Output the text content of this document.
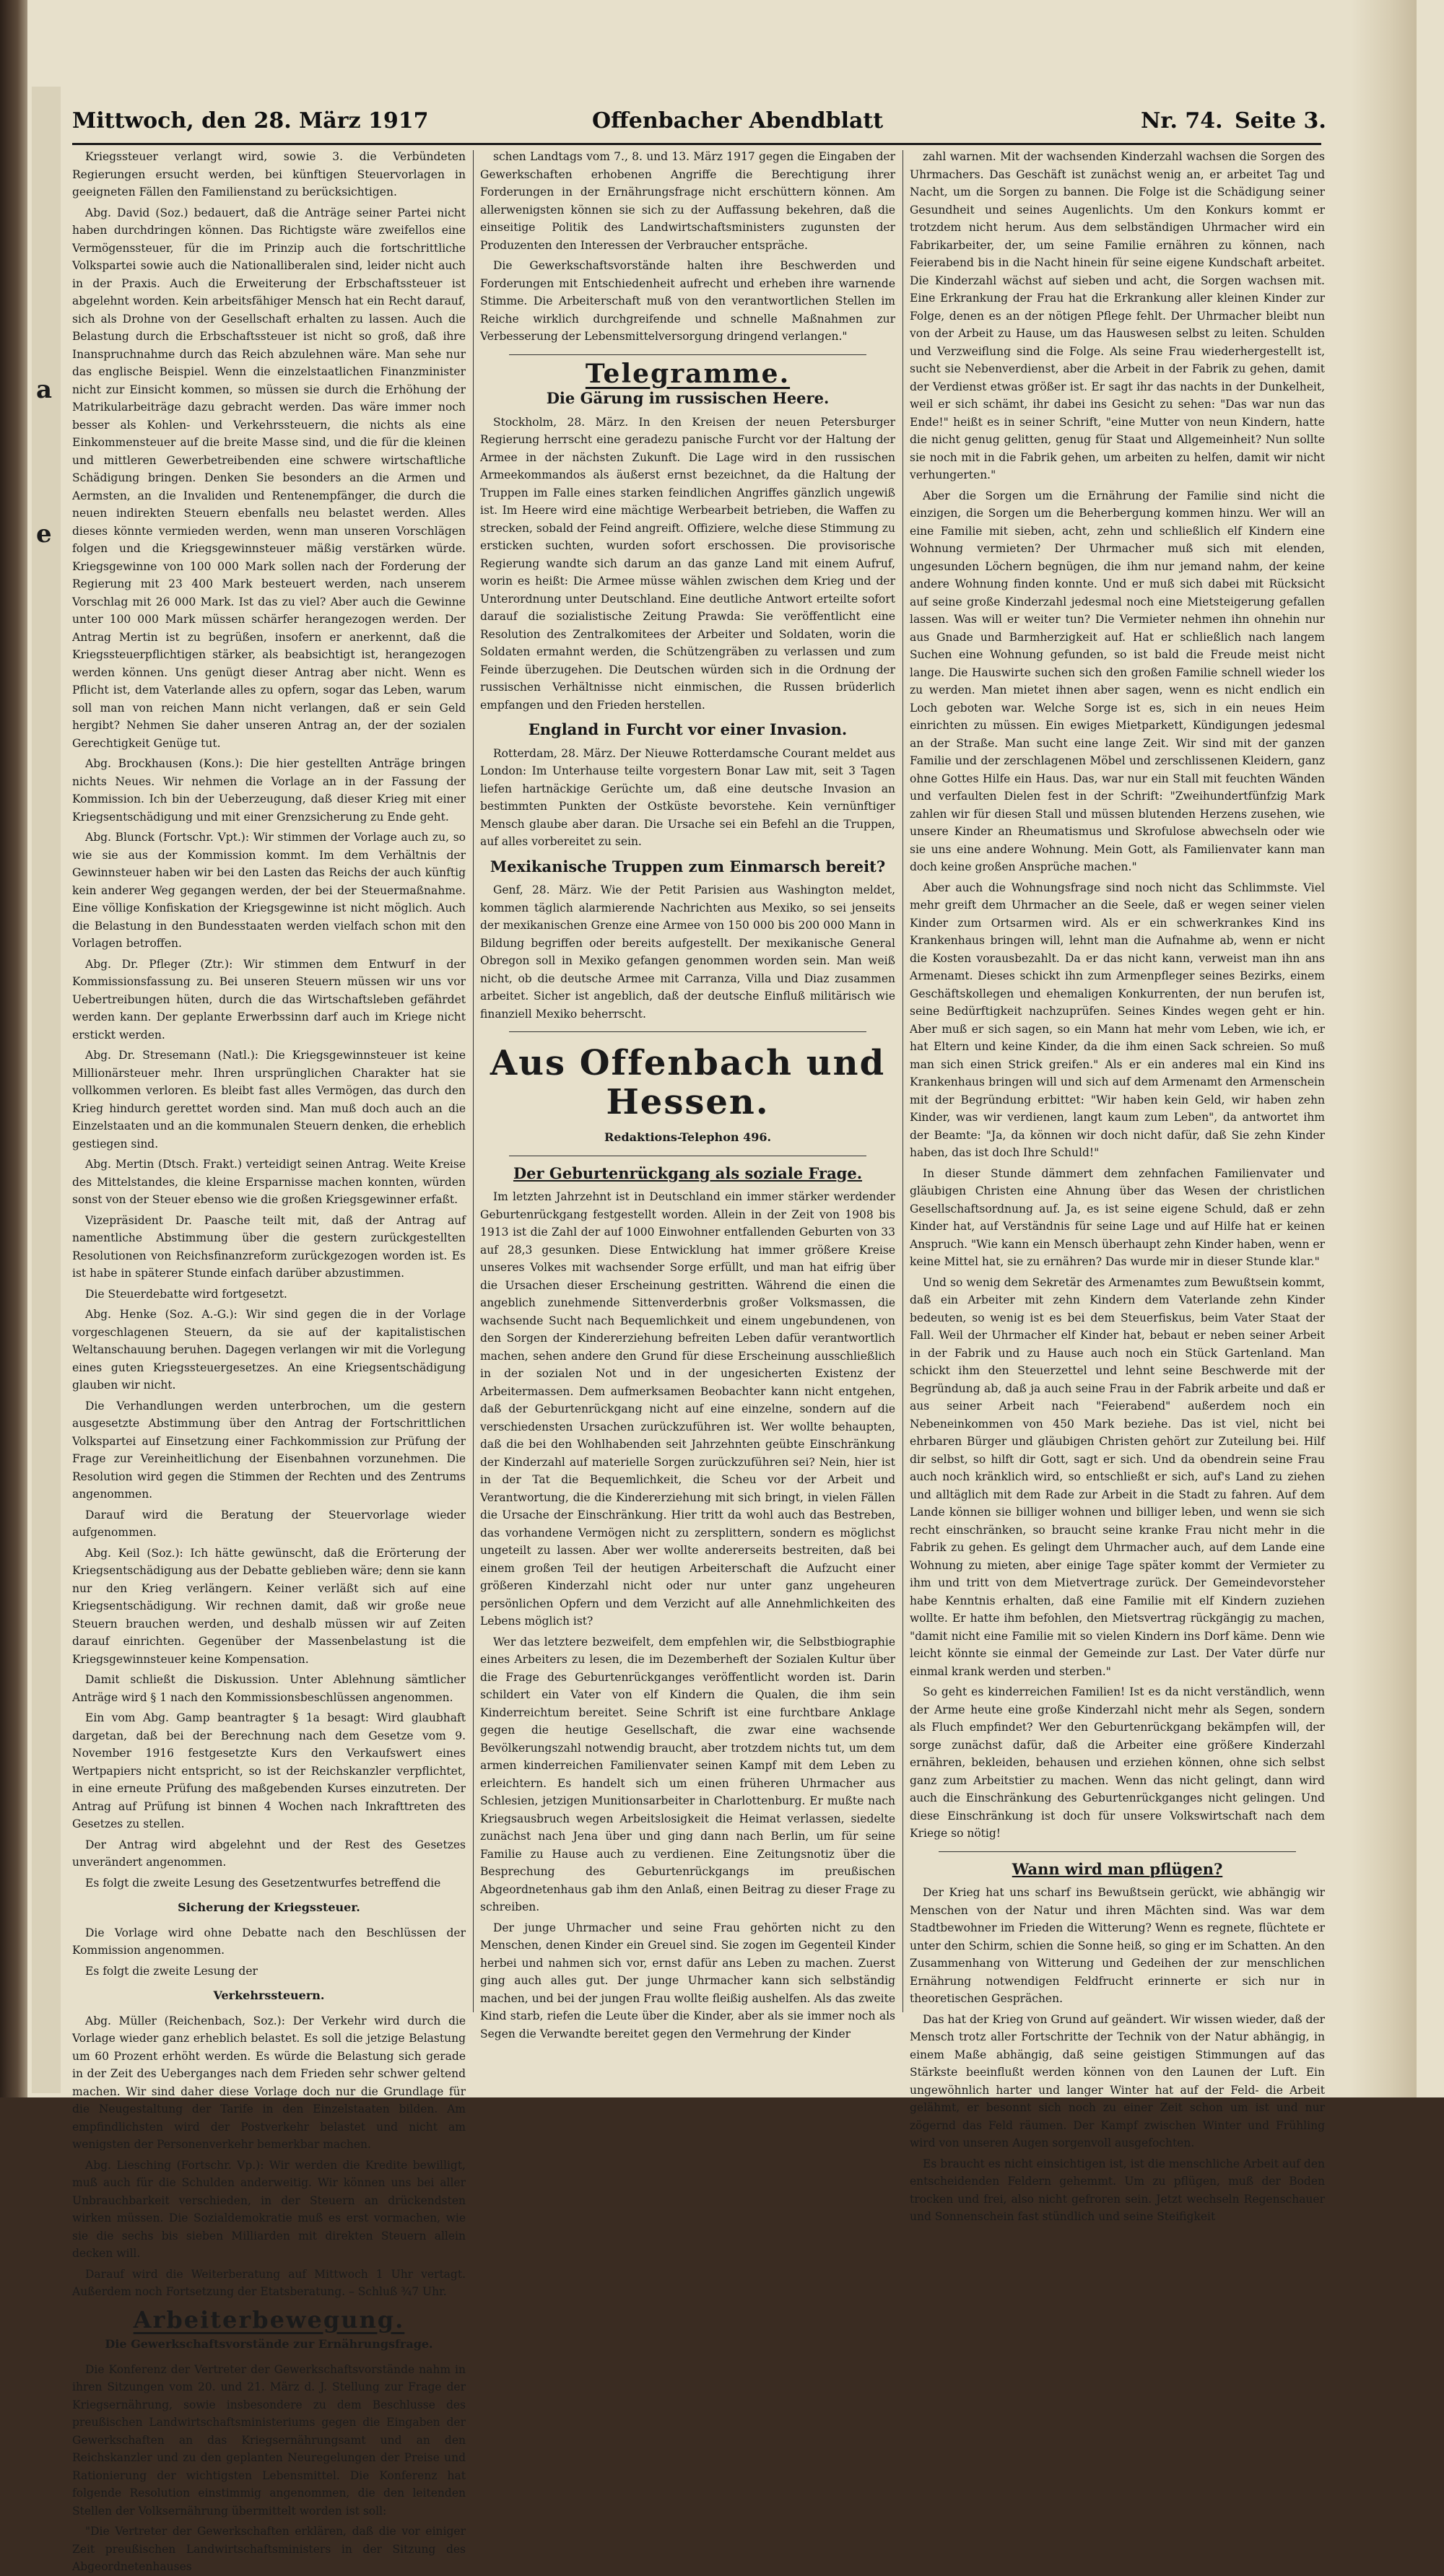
a
e
Mittwoch, den 28. März 1917	Offenbacher Abendblatt	Nr. 74. Seite 3.

Kriegssteuer verlangt wird, sowie 3. die Verbündeten Regierungen ersucht werden, bei künftigen Steuervorlagen in geeigneten Fällen den Familienstand zu berücksichtigen.

Abg. David (Soz.) bedauert, daß die Anträge seiner Partei nicht haben durchdringen können. Das Richtigste wäre zweifellos eine Vermögenssteuer, für die im Prinzip auch die fortschrittliche Volkspartei sowie auch die Nationalliberalen sind, leider nicht auch in der Praxis. Auch die Erweiterung der Erbschaftssteuer ist abgelehnt worden. Kein arbeitsfähiger Mensch hat ein Recht darauf, sich als Drohne von der Gesellschaft erhalten zu lassen. Auch die Belastung durch die Erbschaftssteuer ist nicht so groß, daß ihre Inanspruchnahme durch das Reich abzulehnen wäre. Man sehe nur das englische Beispiel. Wenn die einzelstaatlichen Finanzminister nicht zur Einsicht kommen, so müssen sie durch die Erhöhung der Matrikularbeiträge dazu gebracht werden. Das wäre immer noch besser als Kohlen- und Verkehrssteuern, die nichts als eine Einkommensteuer auf die breite Masse sind, und die für die kleinen und mittleren Gewerbetreibenden eine schwere wirtschaftliche Schädigung bringen. Denken Sie besonders an die Armen und Aermsten, an die Invaliden und Rentenempfänger, die durch die neuen indirekten Steuern ebenfalls neu belastet werden. Alles dieses könnte vermieden werden, wenn man unseren Vorschlägen folgen und die Kriegsgewinnsteuer mäßig verstärken würde. Kriegsgewinne von 100 000 Mark sollen nach der Forderung der Regierung mit 23 400 Mark besteuert werden, nach unserem Vorschlag mit 26 000 Mark. Ist das zu viel? Aber auch die Gewinne unter 100 000 Mark müssen schärfer herangezogen werden. Der Antrag Mertin ist zu begrüßen, insofern er anerkennt, daß die Kriegssteuerpflichtigen stärker, als beabsichtigt ist, herangezogen werden können. Uns genügt dieser Antrag aber nicht. Wenn es Pflicht ist, dem Vaterlande alles zu opfern, sogar das Leben, warum soll man von reichen Mann nicht verlangen, daß er sein Geld hergibt? Nehmen Sie daher unseren Antrag an, der der sozialen Gerechtigkeit Genüge tut.

Abg. Brockhausen (Kons.): Die hier gestellten Anträge bringen nichts Neues. Wir nehmen die Vorlage an in der Fassung der Kommission. Ich bin der Ueberzeugung, daß dieser Krieg mit einer Kriegsentschädigung und mit einer Grenzsicherung zu Ende geht.

Abg. Blunck (Fortschr. Vpt.): Wir stimmen der Vorlage auch zu, so wie sie aus der Kommission kommt. Im dem Verhältnis der Gewinnsteuer haben wir bei den Lasten das Reichs der auch künftig kein anderer Weg gegangen werden, der bei der Steuermaßnahme. Eine völlige Konfiskation der Kriegsgewinne ist nicht möglich. Auch die Belastung in den Bundesstaaten werden vielfach schon mit den Vorlagen betroffen.

Abg. Dr. Pfleger (Ztr.): Wir stimmen dem Entwurf in der Kommissionsfassung zu. Bei unseren Steuern müssen wir uns vor Uebertreibungen hüten, durch die das Wirtschaftsleben gefährdet werden kann. Der geplante Erwerbssinn darf auch im Kriege nicht erstickt werden.

Abg. Dr. Stresemann (Natl.): Die Kriegsgewinnsteuer ist keine Millionärsteuer mehr. Ihren ursprünglichen Charakter hat sie vollkommen verloren. Es bleibt fast alles Vermögen, das durch den Krieg hindurch gerettet worden sind. Man muß doch auch an die Einzelstaaten und an die kommunalen Steuern denken, die erheblich gestiegen sind.

Abg. Mertin (Dtsch. Frakt.) verteidigt seinen Antrag. Weite Kreise des Mittelstandes, die kleine Ersparnisse machen konnten, würden sonst von der Steuer ebenso wie die großen Kriegsgewinner erfaßt.

Vizepräsident Dr. Paasche teilt mit, daß der Antrag auf namentliche Abstimmung über die gestern zurückgestellten Resolutionen von Reichsfinanzreform zurückgezogen worden ist. Es ist habe in späterer Stunde einfach darüber abzustimmen.

Die Steuerdebatte wird fortgesetzt.

Abg. Henke (Soz. A.-G.): Wir sind gegen die in der Vorlage vorgeschlagenen Steuern, da sie auf der kapitalistischen Weltanschauung beruhen. Dagegen verlangen wir mit die Vorlegung eines guten Kriegssteuergesetzes. An eine Kriegsentschädigung glauben wir nicht.

Die Verhandlungen werden unterbrochen, um die gestern ausgesetzte Abstimmung über den Antrag der Fortschrittlichen Volkspartei auf Einsetzung einer Fachkommission zur Prüfung der Frage zur Vereinheitlichung der Eisenbahnen vorzunehmen. Die Resolution wird gegen die Stimmen der Rechten und des Zentrums angenommen.

Darauf wird die Beratung der Steuervorlage wieder aufgenommen.

Abg. Keil (Soz.): Ich hätte gewünscht, daß die Erörterung der Kriegsentschädigung aus der Debatte geblieben wäre; denn sie kann nur den Krieg verlängern. Keiner verläßt sich auf eine Kriegsentschädigung. Wir rechnen damit, daß wir große neue Steuern brauchen werden, und deshalb müssen wir auf Zeiten darauf einrichten. Gegenüber der Massenbelastung ist die Kriegsgewinnsteuer keine Kompensation.

Damit schließt die Diskussion. Unter Ablehnung sämtlicher Anträge wird § 1 nach den Kommissionsbeschlüssen angenommen.

Ein vom Abg. Gamp beantragter § 1a besagt: Wird glaubhaft dargetan, daß bei der Berechnung nach dem Gesetze vom 9. November 1916 festgesetzte Kurs den Verkaufswert eines Wertpapiers nicht entspricht, so ist der Reichskanzler verpflichtet, in eine erneute Prüfung des maßgebenden Kurses einzutreten. Der Antrag auf Prüfung ist binnen 4 Wochen nach Inkrafttreten des Gesetzes zu stellen.

Der Antrag wird abgelehnt und der Rest des Gesetzes unverändert angenommen.

Es folgt die zweite Lesung des Gesetzentwurfes betreffend die

Sicherung der Kriegssteuer.

Die Vorlage wird ohne Debatte nach den Beschlüssen der Kommission angenommen.

Es folgt die zweite Lesung der

Verkehrssteuern.

Abg. Müller (Reichenbach, Soz.): Der Verkehr wird durch die Vorlage wieder ganz erheblich belastet. Es soll die jetzige Belastung um 60 Prozent erhöht werden. Es würde die Belastung sich gerade in der Zeit des Ueberganges nach dem Frieden sehr schwer geltend machen. Wir sind daher diese Vorlage doch nur die Grundlage für die Neugestaltung der Tarife in den Einzelstaaten bilden. Am empfindlichsten wird der Postverkehr belastet und nicht am wenigsten der Personenverkehr bemerkbar machen.

Abg. Liesching (Fortschr. Vp.): Wir werden die Kredite bewilligt, muß auch für die Schulden anderweitig. Wir können uns bei aller Unbrauchbarkeit verschieden, in der Steuern an drückendsten wirken müssen. Die Sozialdemokratie muß es erst vormachen, wie sie die sechs bis sieben Milliarden mit direkten Steuern allein decken will.

Darauf wird die Weiterberatung auf Mittwoch 1 Uhr vertagt. Außerdem noch Fortsetzung der Etatsberatung. – Schluß ¾7 Uhr.

Arbeiterbewegung.
Die Gewerkschaftsvorstände zur Ernährungsfrage.

Die Konferenz der Vertreter der Gewerkschaftsvorstände nahm in ihren Sitzungen vom 20. und 21. März d. J. Stellung zur Frage der Kriegsernährung, sowie insbesondere zu dem Beschlusse des preußischen Landwirtschaftsministeriums gegen die Eingaben der Gewerkschaften an das Kriegsernährungsamt und an den Reichskanzler und zu den geplanten Neuregelungen der Preise und Rationierung der wichtigsten Lebensmittel. Die Konferenz hat folgende Resolution einstimmig angenommen, die den leitenden Stellen der Volksernährung übermittelt worden ist soll:

"Die Vertreter der Gewerkschaften erklären, daß die vor einiger Zeit preußischen Landwirtschaftsministers in der Sitzung des Abgeordnetenhauses

schen Landtags vom 7., 8. und 13. März 1917 gegen die Eingaben der Gewerkschaften erhobenen Angriffe die Berechtigung ihrer Forderungen in der Ernährungsfrage nicht erschüttern können. Am allerwenigsten können sie sich zu der Auffassung bekehren, daß die einseitige Politik des Landwirtschaftsministers zugunsten der Produzenten den Interessen der Verbraucher entspräche.

Die Gewerkschaftsvorstände halten ihre Beschwerden und Forderungen mit Entschiedenheit aufrecht und erheben ihre warnende Stimme. Die Arbeiterschaft muß von den verantwortlichen Stellen im Reiche wirklich durchgreifende und schnelle Maßnahmen zur Verbesserung der Lebensmittelversorgung dringend verlangen."

Telegramme.
Die Gärung im russischen Heere.

Stockholm, 28. März. In den Kreisen der neuen Petersburger Regierung herrscht eine geradezu panische Furcht vor der Haltung der Armee in der nächsten Zukunft. Die Lage wird in den russischen Armeekommandos als äußerst ernst bezeichnet, da die Haltung der Truppen im Falle eines starken feindlichen Angriffes gänzlich ungewiß ist. Im Heere wird eine mächtige Werbearbeit betrieben, die Waffen zu strecken, sobald der Feind angreift. Offiziere, welche diese Stimmung zu ersticken suchten, wurden sofort erschossen. Die provisorische Regierung wandte sich darum an das ganze Land mit einem Aufruf, worin es heißt: Die Armee müsse wählen zwischen dem Krieg und der Unterordnung unter Deutschland. Eine deutliche Antwort erteilte sofort darauf die sozialistische Zeitung Prawda: Sie veröffentlicht eine Resolution des Zentralkomitees der Arbeiter und Soldaten, worin die Soldaten ermahnt werden, die Schützengräben zu verlassen und zum Feinde überzugehen. Die Deutschen würden sich in die Ordnung der russischen Verhältnisse nicht einmischen, die Russen brüderlich empfangen und den Frieden herstellen.

England in Furcht vor einer Invasion.

Rotterdam, 28. März. Der Nieuwe Rotterdamsche Courant meldet aus London: Im Unterhause teilte vorgestern Bonar Law mit, seit 3 Tagen liefen hartnäckige Gerüchte um, daß eine deutsche Invasion an bestimmten Punkten der Ostküste bevorstehe. Kein vernünftiger Mensch glaube aber daran. Die Ursache sei ein Befehl an die Truppen, auf alles vorbereitet zu sein.

Mexikanische Truppen zum Einmarsch bereit?

Genf, 28. März. Wie der Petit Parisien aus Washington meldet, kommen täglich alarmierende Nachrichten aus Mexiko, so sei jenseits der mexikanischen Grenze eine Armee von 150 000 bis 200 000 Mann in Bildung begriffen oder bereits aufgestellt. Der mexikanische General Obregon soll in Mexiko gefangen genommen worden sein. Man weiß nicht, ob die deutsche Armee mit Carranza, Villa und Diaz zusammen arbeitet. Sicher ist angeblich, daß der deutsche Einfluß militärisch wie finanziell Mexiko beherrscht.

Aus Offenbach und Hessen.
Redaktions-Telephon 496.
Der Geburtenrückgang als soziale Frage.

Im letzten Jahrzehnt ist in Deutschland ein immer stärker werdender Geburtenrückgang festgestellt worden. Allein in der Zeit von 1908 bis 1913 ist die Zahl der auf 1000 Einwohner entfallenden Geburten von 33 auf 28,3 gesunken. Diese Entwicklung hat immer größere Kreise unseres Volkes mit wachsender Sorge erfüllt, und man hat eifrig über die Ursachen dieser Erscheinung gestritten. Während die einen die angeblich zunehmende Sittenverderbnis großer Volksmassen, die wachsende Sucht nach Bequemlichkeit und einem ungebundenen, von den Sorgen der Kindererziehung befreiten Leben dafür verantwortlich machen, sehen andere den Grund für diese Erscheinung ausschließlich in der sozialen Not und in der ungesicherten Existenz der Arbeitermassen. Dem aufmerksamen Beobachter kann nicht entgehen, daß der Geburtenrückgang nicht auf eine einzelne, sondern auf die verschiedensten Ursachen zurückzuführen ist. Wer wollte behaupten, daß die bei den Wohlhabenden seit Jahrzehnten geübte Einschränkung der Kinderzahl auf materielle Sorgen zurückzuführen sei? Nein, hier ist in der Tat die Bequemlichkeit, die Scheu vor der Arbeit und Verantwortung, die die Kindererziehung mit sich bringt, in vielen Fällen die Ursache der Einschränkung. Hier tritt da wohl auch das Bestreben, das vorhandene Vermögen nicht zu zersplittern, sondern es möglichst ungeteilt zu lassen. Aber wer wollte andererseits bestreiten, daß bei einem großen Teil der heutigen Arbeiterschaft die Aufzucht einer größeren Kinderzahl nicht oder nur unter ganz ungeheuren persönlichen Opfern und dem Verzicht auf alle Annehmlichkeiten des Lebens möglich ist?

Wer das letztere bezweifelt, dem empfehlen wir, die Selbstbiographie eines Arbeiters zu lesen, die im Dezemberheft der Sozialen Kultur über die Frage des Geburtenrückganges veröffentlicht worden ist. Darin schildert ein Vater von elf Kindern die Qualen, die ihm sein Kinderreichtum bereitet. Seine Schrift ist eine furchtbare Anklage gegen die heutige Gesellschaft, die zwar eine wachsende Bevölkerungszahl notwendig braucht, aber trotzdem nichts tut, um dem armen kinderreichen Familienvater seinen Kampf mit dem Leben zu erleichtern. Es handelt sich um einen früheren Uhrmacher aus Schlesien, jetzigen Munitionsarbeiter in Charlottenburg. Er mußte nach Kriegsausbruch wegen Arbeitslosigkeit die Heimat verlassen, siedelte zunächst nach Jena über und ging dann nach Berlin, um für seine Familie zu Hause auch zu verdienen. Eine Zeitungsnotiz über die Besprechung des Geburtenrückgangs im preußischen Abgeordnetenhaus gab ihm den Anlaß, einen Beitrag zu dieser Frage zu schreiben.

Der junge Uhrmacher und seine Frau gehörten nicht zu den Menschen, denen Kinder ein Greuel sind. Sie zogen im Gegenteil Kinder herbei und nahmen sich vor, ernst dafür ans Leben zu machen. Zuerst ging auch alles gut. Der junge Uhrmacher kann sich selbständig machen, und bei der jungen Frau wollte fleißig aushelfen. Als das zweite Kind starb, riefen die Leute über die Kinder, aber als sie immer noch als Segen die Verwandte bereitet gegen den Vermehrung der Kinder

zahl warnen. Mit der wachsenden Kinderzahl wachsen die Sorgen des Uhrmachers. Das Geschäft ist zunächst wenig an, er arbeitet Tag und Nacht, um die Sorgen zu bannen. Die Folge ist die Schädigung seiner Gesundheit und seines Augenlichts. Um den Konkurs kommt er trotzdem nicht herum. Aus dem selbständigen Uhrmacher wird ein Fabrikarbeiter, der, um seine Familie ernähren zu können, nach Feierabend bis in die Nacht hinein für seine eigene Kundschaft arbeitet. Die Kinderzahl wächst auf sieben und acht, die Sorgen wachsen mit. Eine Erkrankung der Frau hat die Erkrankung aller kleinen Kinder zur Folge, denen es an der nötigen Pflege fehlt. Der Uhrmacher bleibt nun von der Arbeit zu Hause, um das Hauswesen selbst zu leiten. Schulden und Verzweiflung sind die Folge. Als seine Frau wiederhergestellt ist, sucht sie Nebenverdienst, aber die Arbeit in der Fabrik zu gehen, damit der Verdienst etwas größer ist. Er sagt ihr das nachts in der Dunkelheit, weil er sich schämt, ihr dabei ins Gesicht zu sehen: "Das war nun das Ende!" heißt es in seiner Schrift, "eine Mutter von neun Kindern, hatte die nicht genug gelitten, genug für Staat und Allgemeinheit? Nun sollte sie noch mit in die Fabrik gehen, um arbeiten zu helfen, damit wir nicht verhungerten."

Aber die Sorgen um die Ernährung der Familie sind nicht die einzigen, die Sorgen um die Beherbergung kommen hinzu. Wer will an eine Familie mit sieben, acht, zehn und schließlich elf Kindern eine Wohnung vermieten? Der Uhrmacher muß sich mit elenden, ungesunden Löchern begnügen, die ihm nur jemand nahm, der keine andere Wohnung finden konnte. Und er muß sich dabei mit Rücksicht auf seine große Kinderzahl jedesmal noch eine Mietsteigerung gefallen lassen. Was will er weiter tun? Die Vermieter nehmen ihn ohnehin nur aus Gnade und Barmherzigkeit auf. Hat er schließlich nach langem Suchen eine Wohnung gefunden, so ist bald die Freude meist nicht lange. Die Hauswirte suchen sich den großen Familie schnell wieder los zu werden. Man mietet ihnen aber sagen, wenn es nicht endlich ein Loch geboten war. Welche Sorge ist es, sich in ein neues Heim einrichten zu müssen. Ein ewiges Mietparkett, Kündigungen jedesmal an der Straße. Man sucht eine lange Zeit. Wir sind mit der ganzen Familie und der zerschlagenen Möbel und zerschlissenen Kleidern, ganz ohne Gottes Hilfe ein Haus. Das, war nur ein Stall mit feuchten Wänden und verfaulten Dielen fest in der Schrift: "Zweihundertfünfzig Mark zahlen wir für diesen Stall und müssen blutenden Herzens zusehen, wie unsere Kinder an Rheumatismus und Skrofulose abwechseln oder wie sie uns eine andere Wohnung. Mein Gott, als Familienvater kann man doch keine großen Ansprüche machen."

Aber auch die Wohnungsfrage sind noch nicht das Schlimmste. Viel mehr greift dem Uhrmacher an die Seele, daß er wegen seiner vielen Kinder zum Ortsarmen wird. Als er ein schwerkrankes Kind ins Krankenhaus bringen will, lehnt man die Aufnahme ab, wenn er nicht die Kosten vorausbezahlt. Da er das nicht kann, verweist man ihn ans Armenamt. Dieses schickt ihn zum Armenpfleger seines Bezirks, einem Geschäftskollegen und ehemaligen Konkurrenten, der nun berufen ist, seine Bedürftigkeit nachzuprüfen. Seines Kindes wegen geht er hin. Aber muß er sich sagen, so ein Mann hat mehr vom Leben, wie ich, er hat Eltern und keine Kinder, da die ihm einen Sack schreien. So muß man sich einen Strick greifen." Als er ein anderes mal ein Kind ins Krankenhaus bringen will und sich auf dem Armenamt den Armenschein mit der Begründung erbittet: "Wir haben kein Geld, wir haben zehn Kinder, was wir verdienen, langt kaum zum Leben", da antwortet ihm der Beamte: "Ja, da können wir doch nicht dafür, daß Sie zehn Kinder haben, das ist doch Ihre Schuld!"

In dieser Stunde dämmert dem zehnfachen Familienvater und gläubigen Christen eine Ahnung über das Wesen der christlichen Gesellschaftsordnung auf. Ja, es ist seine eigene Schuld, daß er zehn Kinder hat, auf Verständnis für seine Lage und auf Hilfe hat er keinen Anspruch. "Wie kann ein Mensch überhaupt zehn Kinder haben, wenn er keine Mittel hat, sie zu ernähren? Das wurde mir in dieser Stunde klar."

Und so wenig dem Sekretär des Armenamtes zum Bewußtsein kommt, daß ein Arbeiter mit zehn Kindern dem Vaterlande zehn Kinder bedeuten, so wenig ist es bei dem Steuerfiskus, beim Vater Staat der Fall. Weil der Uhrmacher elf Kinder hat, bebaut er neben seiner Arbeit in der Fabrik und zu Hause auch noch ein Stück Gartenland. Man schickt ihm den Steuerzettel und lehnt seine Beschwerde mit der Begründung ab, daß ja auch seine Frau in der Fabrik arbeite und daß er aus seiner Arbeit nach "Feierabend" außerdem noch ein Nebeneinkommen von 450 Mark beziehe. Das ist viel, nicht bei ehrbaren Bürger und gläubigen Christen gehört zur Zuteilung bei. Hilf dir selbst, so hilft dir Gott, sagt er sich. Und da obendrein seine Frau auch noch kränklich wird, so entschließt er sich, auf's Land zu ziehen und alltäglich mit dem Rade zur Arbeit in die Stadt zu fahren. Auf dem Lande können sie billiger wohnen und billiger leben, und wenn sie sich recht einschränken, so braucht seine kranke Frau nicht mehr in die Fabrik zu gehen. Es gelingt dem Uhrmacher auch, auf dem Lande eine Wohnung zu mieten, aber einige Tage später kommt der Vermieter zu ihm und tritt von dem Mietvertrage zurück. Der Gemeindevorsteher habe Kenntnis erhalten, daß eine Familie mit elf Kindern zuziehen wollte. Er hatte ihm befohlen, den Mietsvertrag rückgängig zu machen, "damit nicht eine Familie mit so vielen Kindern ins Dorf käme. Denn wie leicht könnte sie einmal der Gemeinde zur Last. Der Vater dürfe nur einmal krank werden und sterben."

So geht es kinderreichen Familien! Ist es da nicht verständlich, wenn der Arme heute eine große Kinderzahl nicht mehr als Segen, sondern als Fluch empfindet? Wer den Geburtenrückgang bekämpfen will, der sorge zunächst dafür, daß die Arbeiter eine größere Kinderzahl ernähren, bekleiden, behausen und erziehen können, ohne sich selbst ganz zum Arbeitstier zu machen. Wenn das nicht gelingt, dann wird auch die Einschränkung des Geburtenrückganges nicht gelingen. Und diese Einschränkung ist doch für unsere Volkswirtschaft nach dem Kriege so nötig!

Wann wird man pflügen?

Der Krieg hat uns scharf ins Bewußtsein gerückt, wie abhängig wir Menschen von der Natur und ihren Mächten sind. Was war dem Stadtbewohner im Frieden die Witterung? Wenn es regnete, flüchtete er unter den Schirm, schien die Sonne heiß, so ging er im Schatten. An den Zusammenhang von Witterung und Gedeihen der zur menschlichen Ernährung notwendigen Feldfrucht erinnerte er sich nur in theoretischen Gesprächen.

Das hat der Krieg von Grund auf geändert. Wir wissen wieder, daß der Mensch trotz aller Fortschritte der Technik von der Natur abhängig, in einem Maße abhängig, daß seine geistigen Stimmungen auf das Stärkste beeinflußt werden können von den Launen der Luft. Ein ungewöhnlich harter und langer Winter hat auf der Feld- die Arbeit gelähmt, er besonnt sich noch zu einer Zeit schon um ist und nur zögernd das Feld räumen. Der Kampf zwischen Winter und Frühling wird von unseren Augen sorgenvoll ausgefochten.

Es braucht es nicht einsichtigen ist, ist die menschliche Arbeit auf den entscheidenden Feldern gehemmt. Um zu pflügen, muß der Boden trocken und frei, also nicht gefroren sein. Jetzt wechseln Regenschauer und Sonnenschein fast stündlich und seine Steifigkeit
